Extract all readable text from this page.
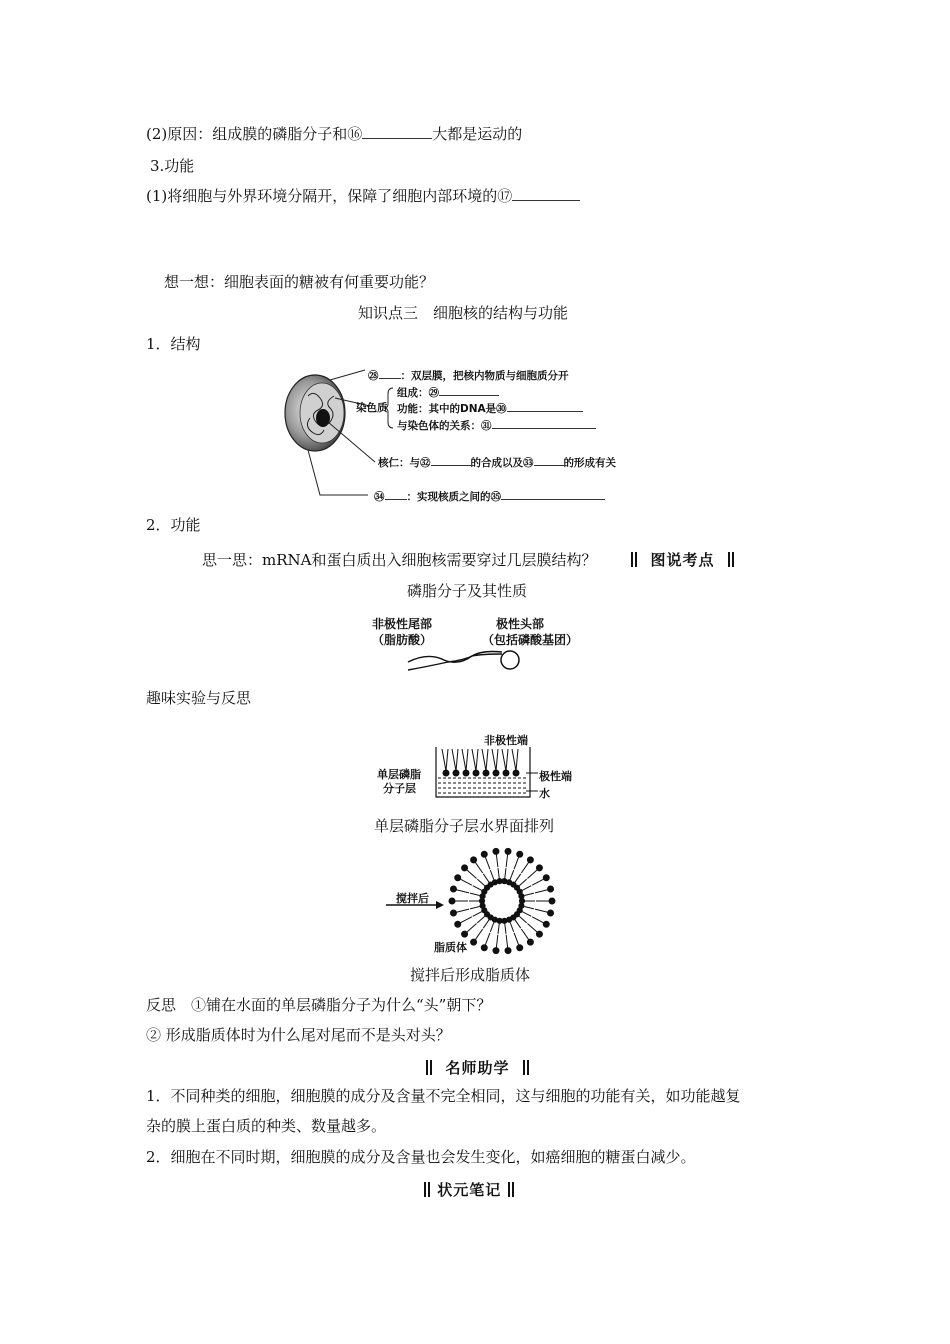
(2)原因：组成膜的磷脂分子和⑯	大都是运动的
3.功能
(1)将细胞与外界环境分隔开，保障了细胞内部环境的⑰
想一想：细胞表面的糖被有何重要功能？
知识点三　细胞核的结构与功能
1．结构
㉘ ：双层膜，把核内物质与细胞质分开
染色质
组成：㉙
功能：其中的DNA是㉚
与染色体的关系：㉛
核仁：与㉜	的合成以及㉝	的形成有关
㉞ ：实现核质之间的㉟
2．功能
思一思：mRNA和蛋白质出入细胞核需要穿过几层膜结构？	图说考点
磷脂分子及其性质
非极性尾部
（脂肪酸）
极性头部
（包括磷酸基团）
趣味实验与反思
非极性端
极性端
水
单层磷脂
分子层
单层磷脂分子层水界面排列
搅拌后
脂质体
搅拌后形成脂质体
反思　①铺在水面的单层磷脂分子为什么“头”朝下？
② 形成脂质体时为什么尾对尾而不是头对头？
名师助学
1．不同种类的细胞，细胞膜的成分及含量不完全相同，这与细胞的功能有关，如功能越复
杂的膜上蛋白质的种类、数量越多。
2．细胞在不同时期，细胞膜的成分及含量也会发生变化，如癌细胞的糖蛋白减少。
状元笔记
